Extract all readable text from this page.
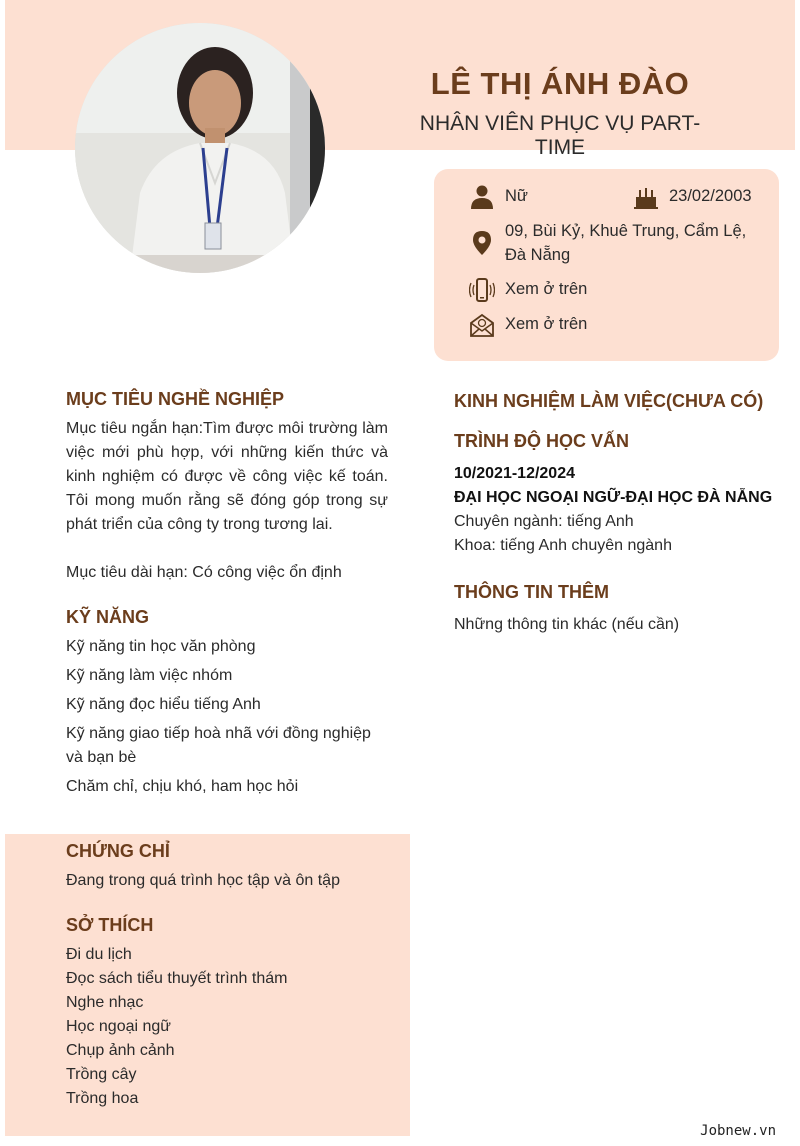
LÊ THỊ ÁNH ĐÀO
NHÂN VIÊN PHỤC VỤ PART-TIME
Nữ	23/02/2003
09, Bùi Kỷ, Khuê Trung, Cẩm Lệ, Đà Nẵng
Xem ở trên
Xem ở trên
MỤC TIÊU NGHỀ NGHIỆP
Mục tiêu ngắn hạn:Tìm được môi trường làm việc mới phù hợp, với những kiến thức và kinh nghiệm có được về công việc kế toán. Tôi mong muốn rằng sẽ đóng góp trong sự phát triển của công ty trong tương lai.
Mục tiêu dài hạn: Có công việc ổn định
KỸ NĂNG
Kỹ năng tin học văn phòng
Kỹ năng làm việc nhóm
Kỹ năng đọc hiểu tiếng Anh
Kỹ năng giao tiếp hoà nhã với đồng nghiệp và bạn bè
Chăm chỉ, chịu khó, ham học hỏi
CHỨNG CHỈ
Đang trong quá trình học tập và ôn tập
SỞ THÍCH
Đi du lịch
Đọc sách tiểu thuyết trình thám
Nghe nhạc
Học ngoại ngữ
Chụp ảnh cảnh
Trồng cây
Trồng hoa
KINH NGHIỆM LÀM VIỆC(CHƯA CÓ)
TRÌNH ĐỘ HỌC VẤN
10/2021-12/2024
ĐẠI HỌC NGOẠI NGỮ-ĐẠI HỌC ĐÀ NẴNG
Chuyên ngành: tiếng Anh
Khoa: tiếng Anh chuyên ngành
THÔNG TIN THÊM
Những thông tin khác (nếu cần)
Jobnew.vn
